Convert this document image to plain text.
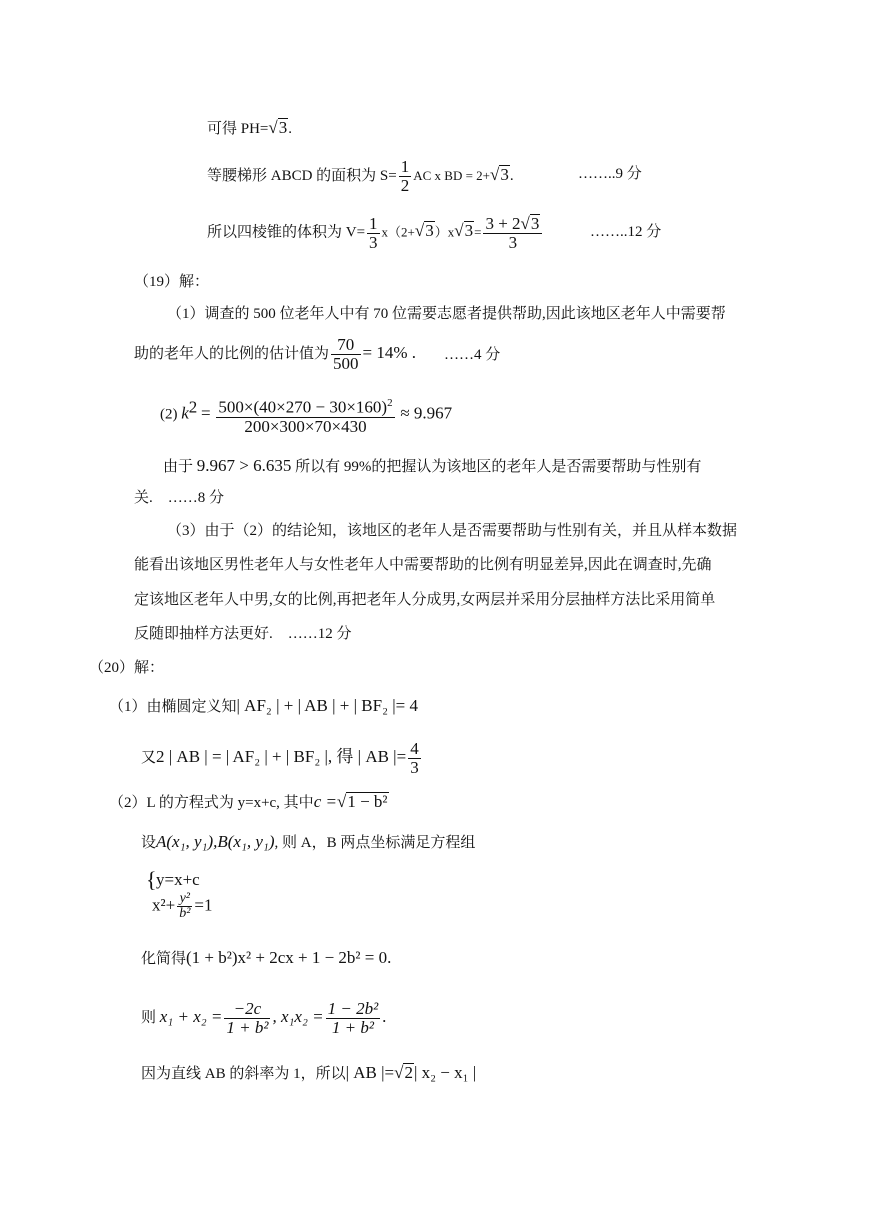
可得 PH=√3.
等腰梯形 ABCD 的面积为 $S= \frac{1}{2}$ AC x BD = 2+√3.	……..9 分
所以四棱锥的体积为 $V= \frac{1}{3} x(2+√3)x√3= \frac{3 + 2√3}{3}$	……..12 分
（19）解：
（1）调查的 500 位老年人中有 70 位需要志愿者提供帮助,因此该地区老年人中需要帮
助的老年人的比例的估计值为 $\frac{70}{500} = 14\%$ . ……4 分
(2) $k^2 = \frac{500\times(40\times 270 - 30\times 160)^2}{200\times 300\times 70\times 430} \approx 9.967$
由于 9.967 > 6.635 所以有 99%的把握认为该地区的老年人是否需要帮助与性别有
关. ……8 分
（3）由于（2）的结论知，该地区的老年人是否需要帮助与性别有关，并且从样本数据
能看出该地区男性老年人与女性老年人中需要帮助的比例有明显差异,因此在调查时,先确
定该地区老年人中男,女的比例,再把老年人分成男,女两层并采用分层抽样方法比采用简单
反随即抽样方法更好. ……12 分
（20）解：
（1）由椭圆定义知| AF₂ | + | AB | + | BF₂ |= 4
又2 | AB | = | AF₂ | + | BF₂ |, 得 | AB |= $\frac{4}{3}$
（2）L 的方程式为 y=x+c, 其中c =√1 − b²
设A(x₁, y₁),B(x₁, y₁), 则 A，B 两点坐标满足方程组
{ y=x+c
$x^2+ \frac{\text{y²}}{\text{b²}} =1$
化简得(1 + b²)x² + 2cx + 1 − 2b² = 0.
则 $x_1 + x_2 = \frac{-2c}{\text{1 + b²}}$ , $x_1x_2 = \frac{\text{1 − 2b²}}{\text{1 + b²}}$ .
因为直线 AB 的斜率为 1，所以| AB |=√2| x₂ − x₁ |
